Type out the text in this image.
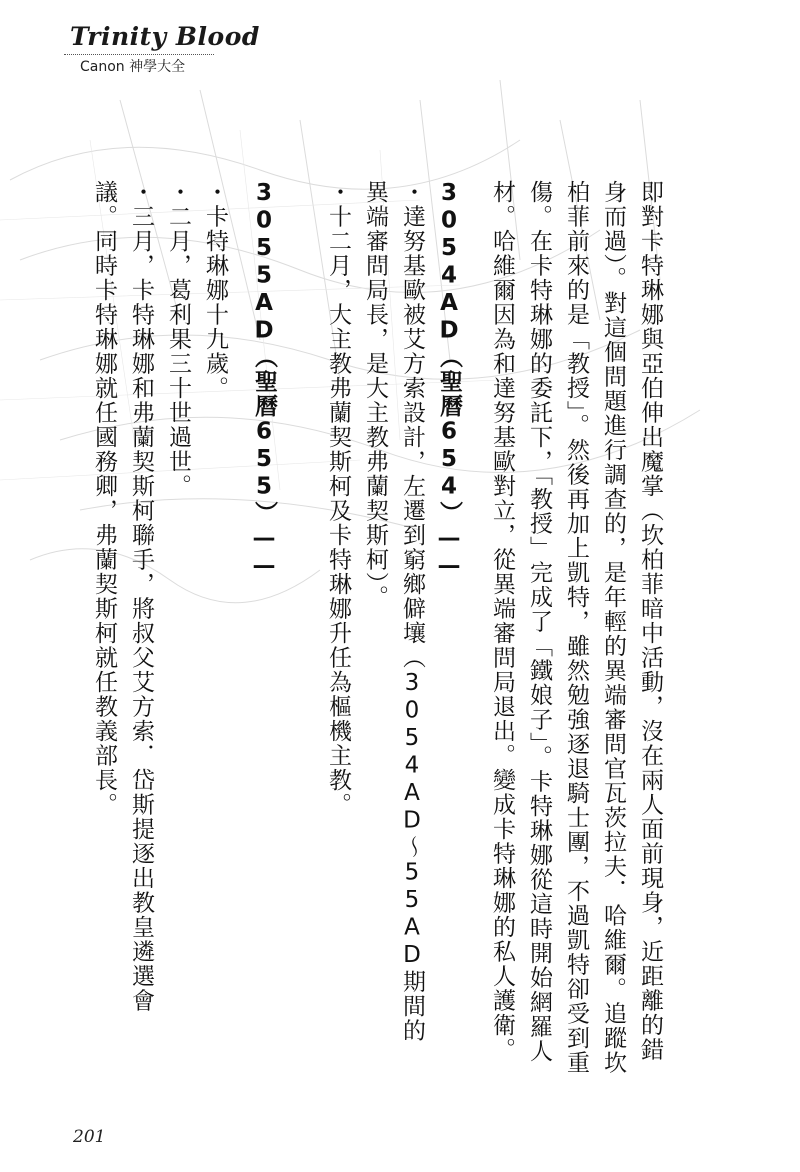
Trinity Blood
Canon 神學大全
即對卡特琳娜與亞伯伸出魔掌（坎柏菲暗中活動，沒在兩人面前現身，近距離的錯
身而過）。對這個問題進行調查的，是年輕的異端審問官瓦茨拉夫．哈維爾。追蹤坎
柏菲前來的是「教授」。然後再加上凱特，雖然勉強逐退騎士團，不過凱特卻受到重
傷。在卡特琳娜的委託下，「教授」完成了「鐵娘子」。卡特琳娜從這時開始網羅人
材。哈維爾因為和達努基歐對立，從異端審問局退出。變成卡特琳娜的私人護衛。
3054AD（聖曆654）——
・達努基歐被艾方索設計，左遷到窮鄉僻壤（3054AD～55AD期間的
異端審問局長，是大主教弗蘭契斯柯）。
・十二月，大主教弗蘭契斯柯及卡特琳娜升任為樞機主教。
3055AD（聖曆655）——
・卡特琳娜十九歲。
・二月，葛利果三十世過世。
・三月，卡特琳娜和弗蘭契斯柯聯手，將叔父艾方索．岱斯提逐出教皇遴選會
議。同時卡特琳娜就任國務卿，弗蘭契斯柯就任教義部長。
201
